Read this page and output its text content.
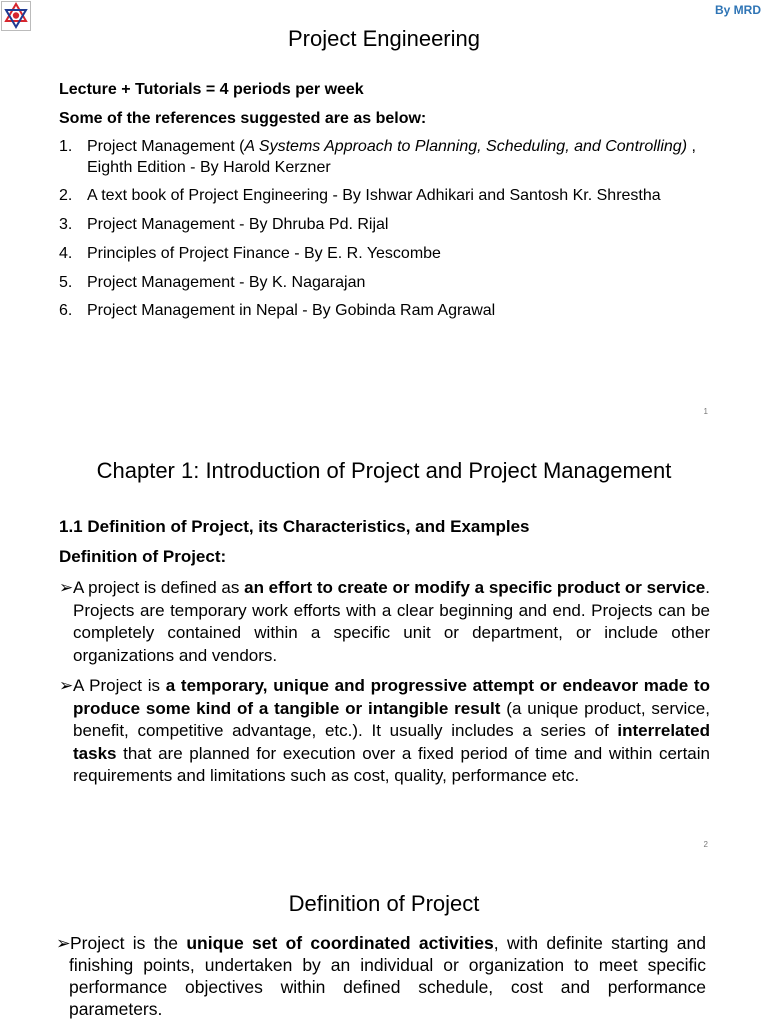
By MRD
Project Engineering
Lecture + Tutorials = 4 periods per week
Some of the references suggested are as below:
1. Project Management (A Systems Approach to Planning, Scheduling, and Controlling) , Eighth Edition - By Harold Kerzner
2. A text book of Project Engineering - By Ishwar Adhikari and Santosh Kr. Shrestha
3. Project Management - By Dhruba Pd. Rijal
4. Principles of Project Finance - By E. R. Yescombe
5. Project Management - By K. Nagarajan
6. Project Management in Nepal - By Gobinda Ram Agrawal
1
Chapter 1: Introduction of Project and Project Management
1.1 Definition of Project, its Characteristics, and Examples
Definition of Project:
➢A project is defined as an effort to create or modify a specific product or service. Projects are temporary work efforts with a clear beginning and end. Projects can be completely contained within a specific unit or department, or include other organizations and vendors.
➢A Project is a temporary, unique and progressive attempt or endeavor made to produce some kind of a tangible or intangible result (a unique product, service, benefit, competitive advantage, etc.). It usually includes a series of interrelated tasks that are planned for execution over a fixed period of time and within certain requirements and limitations such as cost, quality, performance etc.
2
Definition of Project
➢Project is the unique set of coordinated activities, with definite starting and finishing points, undertaken by an individual or organization to meet specific performance objectives within defined schedule, cost and performance parameters.
